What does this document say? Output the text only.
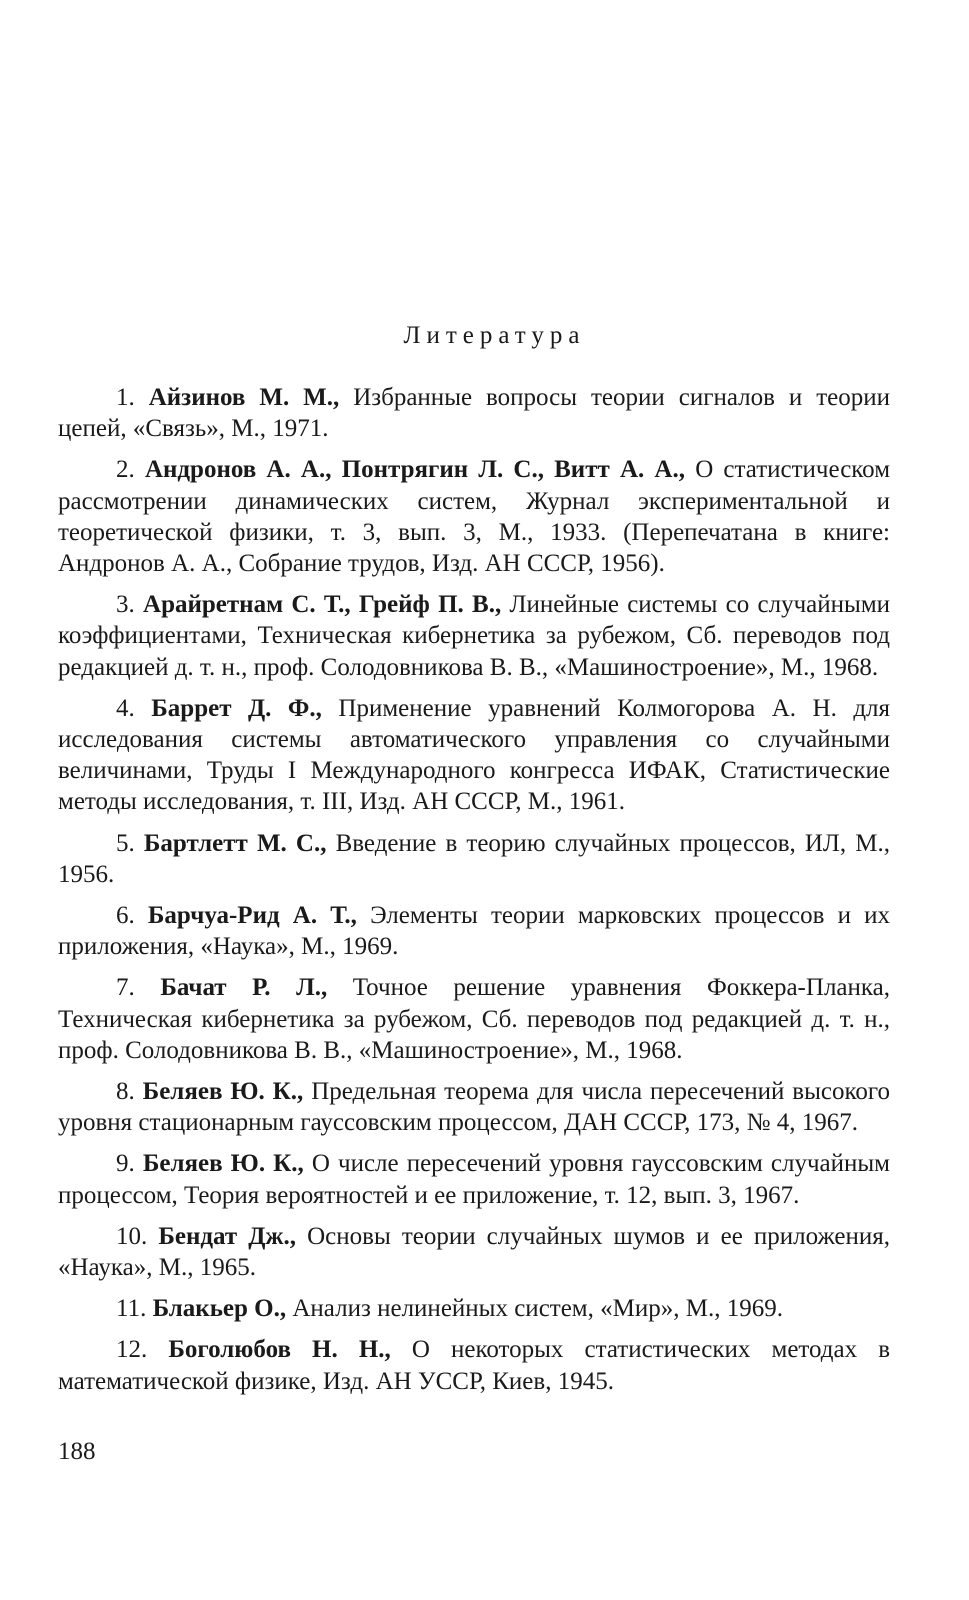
Литература

1. Айзинов М. М., Избранные вопросы теории сигналов и теории цепей, «Связь», М., 1971.

2. Андронов А. А., Понтрягин Л. С., Витт А. А., О статистическом рассмотрении динамических систем, Журнал экспериментальной и теоретической физики, т. 3, вып. 3, М., 1933. (Перепечатана в книге: Андронов А. А., Собрание трудов, Изд. АН СССР, 1956).

3. Арайретнам С. Т., Грейф П. В., Линейные системы со случайными коэффициентами, Техническая кибернетика за рубежом, Сб. переводов под редакцией д. т. н., проф. Солодовникова В. В., «Машиностроение», М., 1968.

4. Баррет Д. Ф., Применение уравнений Колмогорова А. Н. для исследования системы автоматического управления со случайными величинами, Труды I Международного конгресса ИФАК, Статистические методы исследования, т. III, Изд. АН СССР, М., 1961.

5. Бартлетт М. С., Введение в теорию случайных процессов, ИЛ, М., 1956.

6. Барчуа-Рид А. Т., Элементы теории марковских процессов и их приложения, «Наука», М., 1969.

7. Бачат Р. Л., Точное решение уравнения Фоккера-Планка, Техническая кибернетика за рубежом, Сб. переводов под редакцией д. т. н., проф. Солодовникова В. В., «Машиностроение», М., 1968.

8. Беляев Ю. К., Предельная теорема для числа пересечений высокого уровня стационарным гауссовским процессом, ДАН СССР, 173, № 4, 1967.

9. Беляев Ю. К., О числе пересечений уровня гауссовским случайным процессом, Теория вероятностей и ее приложение, т. 12, вып. 3, 1967.

10. Бендат Дж., Основы теории случайных шумов и ее приложения, «Наука», М., 1965.

11. Блакьер О., Анализ нелинейных систем, «Мир», М., 1969.

12. Боголюбов Н. Н., О некоторых статистических методах в математической физике, Изд. АН УССР, Киев, 1945.

188
